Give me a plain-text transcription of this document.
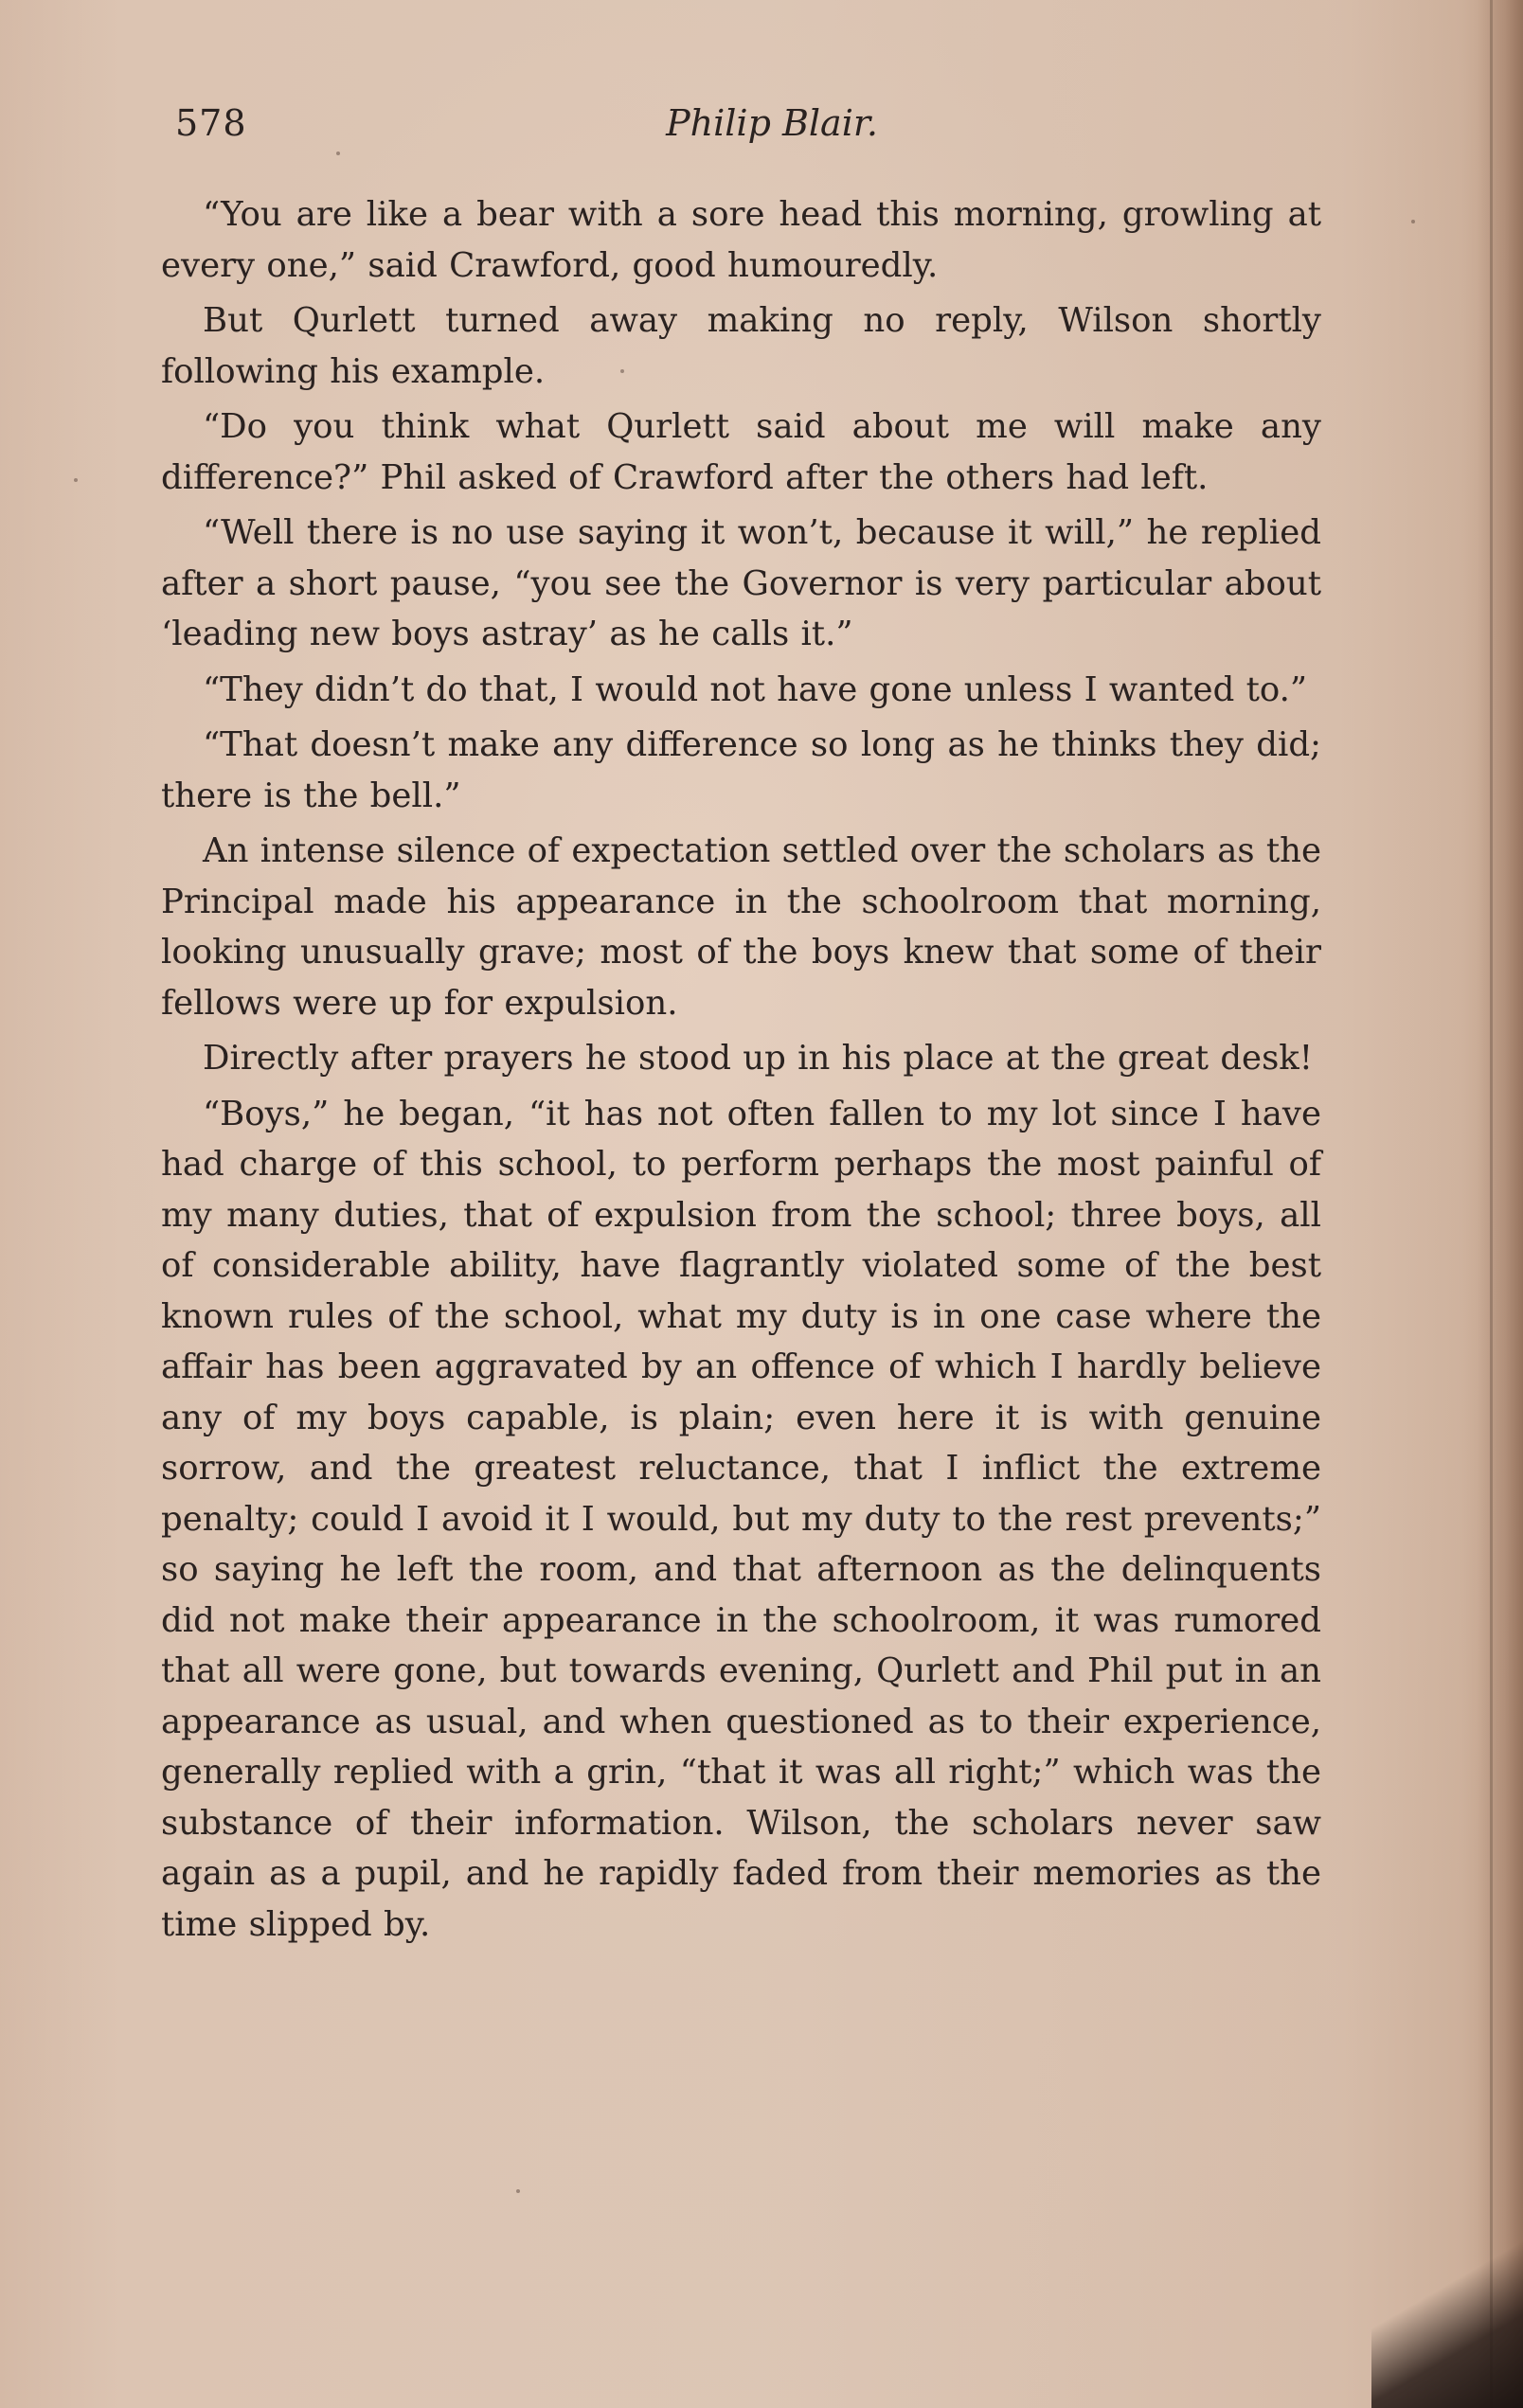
578	Philip Blair.

“You are like a bear with a sore head this morning, growling at every one,” said Crawford, good humouredly.

But Qurlett turned away making no reply, Wilson shortly following his example.

“Do you think what Qurlett said about me will make any difference?” Phil asked of Crawford after the others had left.

“Well there is no use saying it won’t, because it will,” he replied after a short pause, “you see the Governor is very particular about ‘leading new boys astray’ as he calls it.”

“They didn’t do that, I would not have gone unless I wanted to.”

“That doesn’t make any difference so long as he thinks they did; there is the bell.”

An intense silence of expectation settled over the scholars as the Principal made his appearance in the schoolroom that morning, looking unusually grave; most of the boys knew that some of their fellows were up for expulsion.

Directly after prayers he stood up in his place at the great desk!

“Boys,” he began, “it has not often fallen to my lot since I have had charge of this school, to perform perhaps the most painful of my many duties, that of expulsion from the school; three boys, all of considerable ability, have flagrantly violated some of the best known rules of the school, what my duty is in one case where the affair has been aggravated by an offence of which I hardly believe any of my boys capable, is plain; even here it is with genuine sorrow, and the greatest reluctance, that I inflict the extreme penalty; could I avoid it I would, but my duty to the rest prevents;” so saying he left the room, and that afternoon as the delinquents did not make their appearance in the schoolroom, it was rumored that all were gone, but towards evening, Qurlett and Phil put in an appearance as usual, and when questioned as to their experience, generally replied with a grin, “that it was all right;” which was the substance of their information. Wilson, the scholars never saw again as a pupil, and he rapidly faded from their memories as the time slipped by.
